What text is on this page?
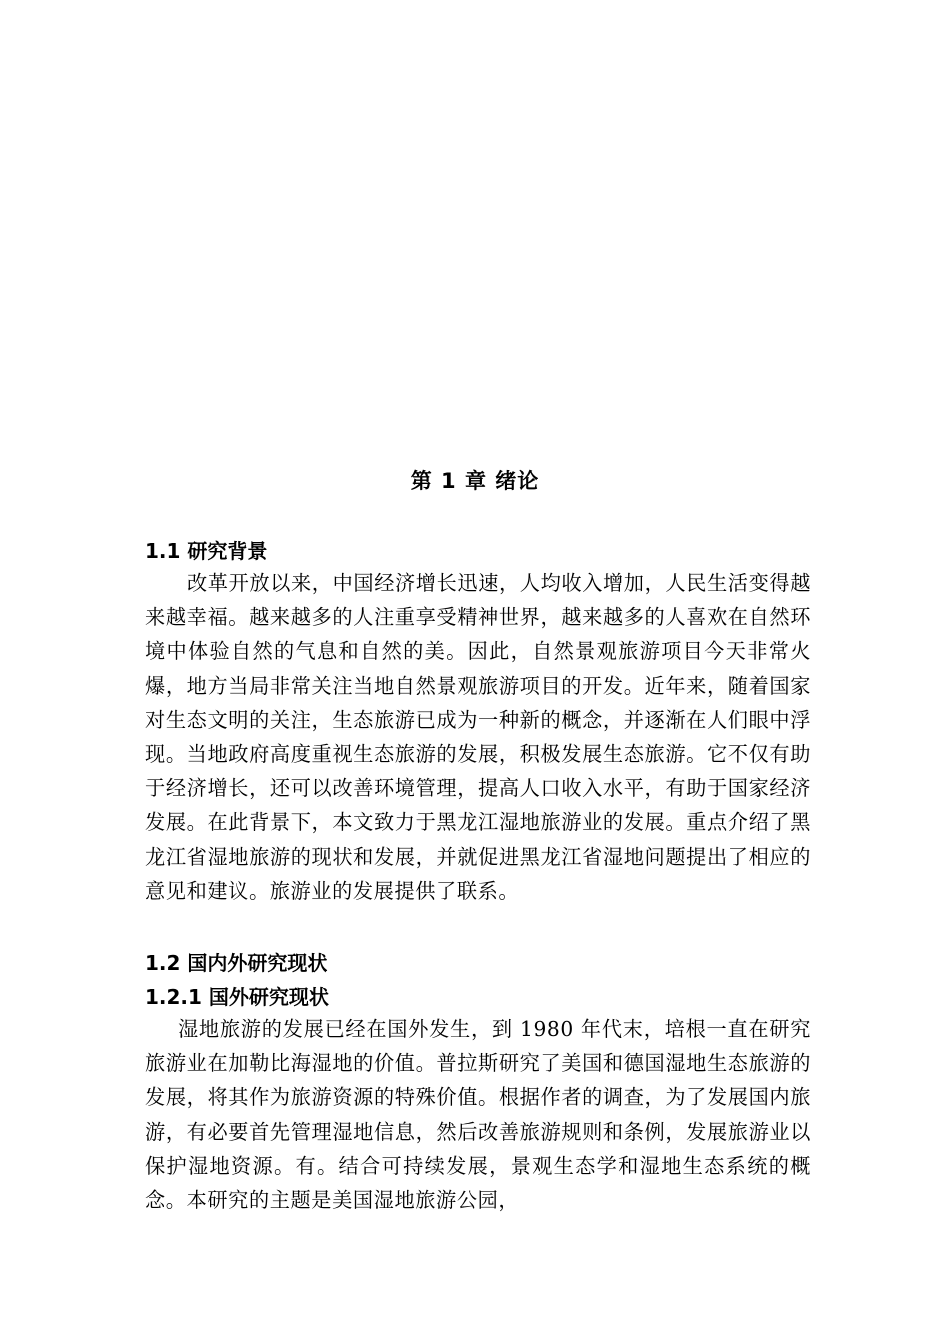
第 1 章 绪论
1.1 研究背景
改革开放以来，中国经济增长迅速，人均收入增加，人民生活变得越来越幸福。越来越多的人注重享受精神世界，越来越多的人喜欢在自然环境中体验自然的气息和自然的美。因此，自然景观旅游项目今天非常火爆，地方当局非常关注当地自然景观旅游项目的开发。近年来，随着国家对生态文明的关注，生态旅游已成为一种新的概念，并逐渐在人们眼中浮现。当地政府高度重视生态旅游的发展，积极发展生态旅游。它不仅有助于经济增长，还可以改善环境管理，提高人口收入水平，有助于国家经济发展。在此背景下，本文致力于黑龙江湿地旅游业的发展。重点介绍了黑龙江省湿地旅游的现状和发展，并就促进黑龙江省湿地问题提出了相应的意见和建议。旅游业的发展提供了联系。
1.2 国内外研究现状
1.2.1 国外研究现状
湿地旅游的发展已经在国外发生，到 1980 年代末，培根一直在研究旅游业在加勒比海湿地的价值。普拉斯研究了美国和德国湿地生态旅游的发展，将其作为旅游资源的特殊价值。根据作者的调查，为了发展国内旅游，有必要首先管理湿地信息，然后改善旅游规则和条例，发展旅游业以保护湿地资源。有。结合可持续发展，景观生态学和湿地生态系统的概念。本研究的主题是美国湿地旅游公园，
